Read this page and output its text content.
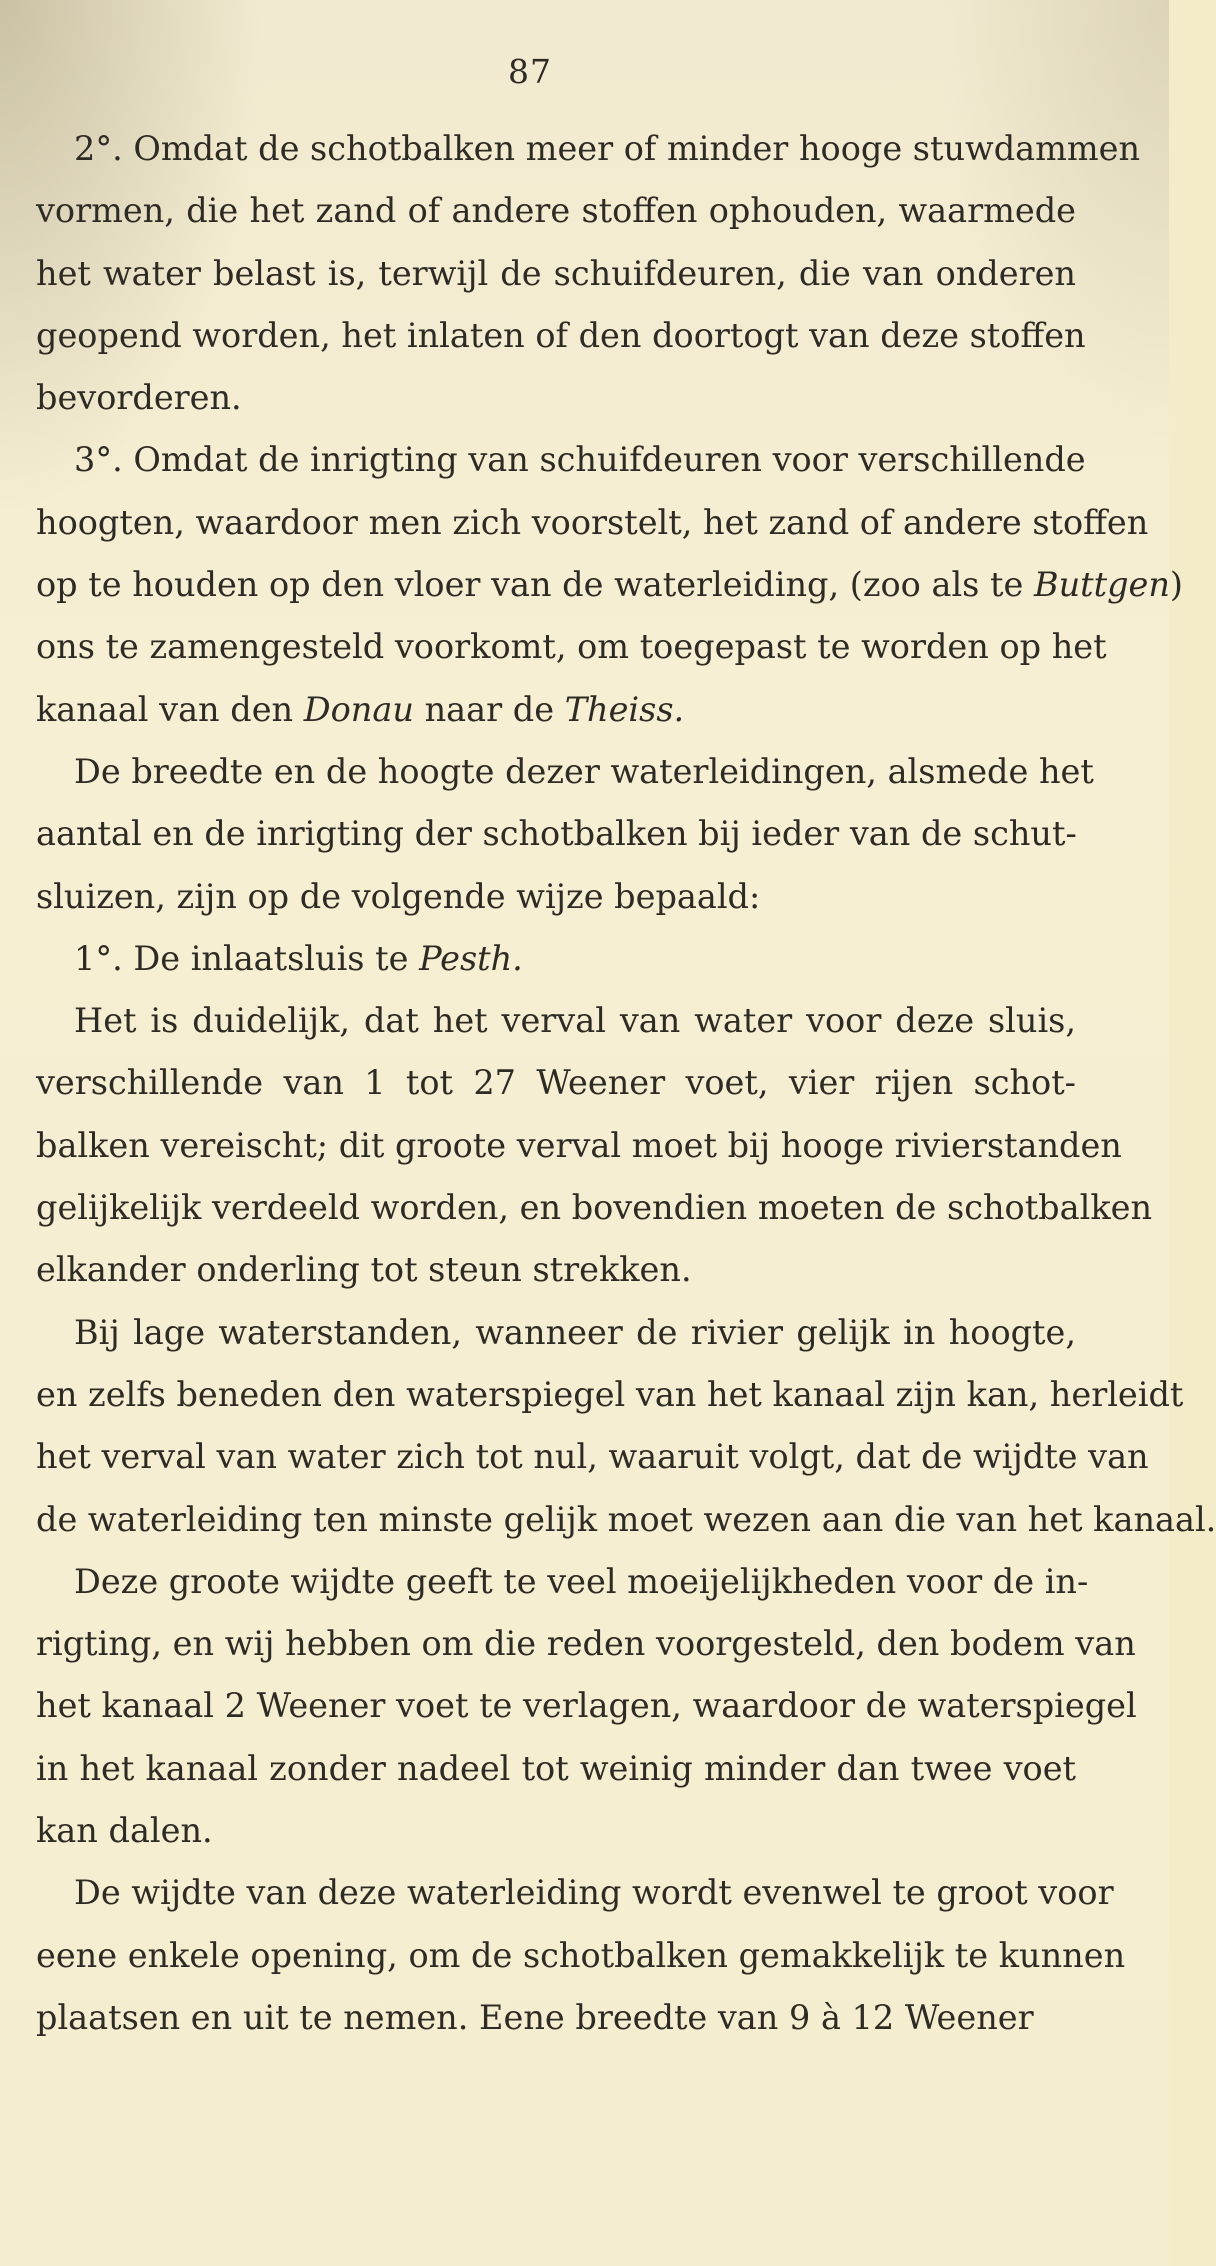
87
2°. Omdat de schotbalken meer of minder hooge stuwdammen
vormen, die het zand of andere stoffen ophouden, waarmede
het water belast is, terwijl de schuifdeuren, die van onderen
geopend worden, het inlaten of den doortogt van deze stoffen
bevorderen.
3°. Omdat de inrigting van schuifdeuren voor verschillende
hoogten, waardoor men zich voorstelt, het zand of andere stoffen
op te houden op den vloer van de waterleiding, (zoo als te Buttgen)
ons te zamengesteld voorkomt, om toegepast te worden op het
kanaal van den Donau naar de Theiss.
De breedte en de hoogte dezer waterleidingen, alsmede het
aantal en de inrigting der schotbalken bij ieder van de schut-
sluizen, zijn op de volgende wijze bepaald:
1°. De inlaatsluis te Pesth.
Het is duidelijk, dat het verval van water voor deze sluis,
verschillende van 1 tot 27 Weener voet, vier rijen schot-
balken vereischt; dit groote verval moet bij hooge rivierstanden
gelijkelijk verdeeld worden, en bovendien moeten de schotbalken
elkander onderling tot steun strekken.
Bij lage waterstanden, wanneer de rivier gelijk in hoogte,
en zelfs beneden den waterspiegel van het kanaal zijn kan, herleidt
het verval van water zich tot nul, waaruit volgt, dat de wijdte van
de waterleiding ten minste gelijk moet wezen aan die van het kanaal.
Deze groote wijdte geeft te veel moeijelijkheden voor de in-
rigting, en wij hebben om die reden voorgesteld, den bodem van
het kanaal 2 Weener voet te verlagen, waardoor de waterspiegel
in het kanaal zonder nadeel tot weinig minder dan twee voet
kan dalen.
De wijdte van deze waterleiding wordt evenwel te groot voor
eene enkele opening, om de schotbalken gemakkelijk te kunnen
plaatsen en uit te nemen. Eene breedte van 9 à 12 Weener
